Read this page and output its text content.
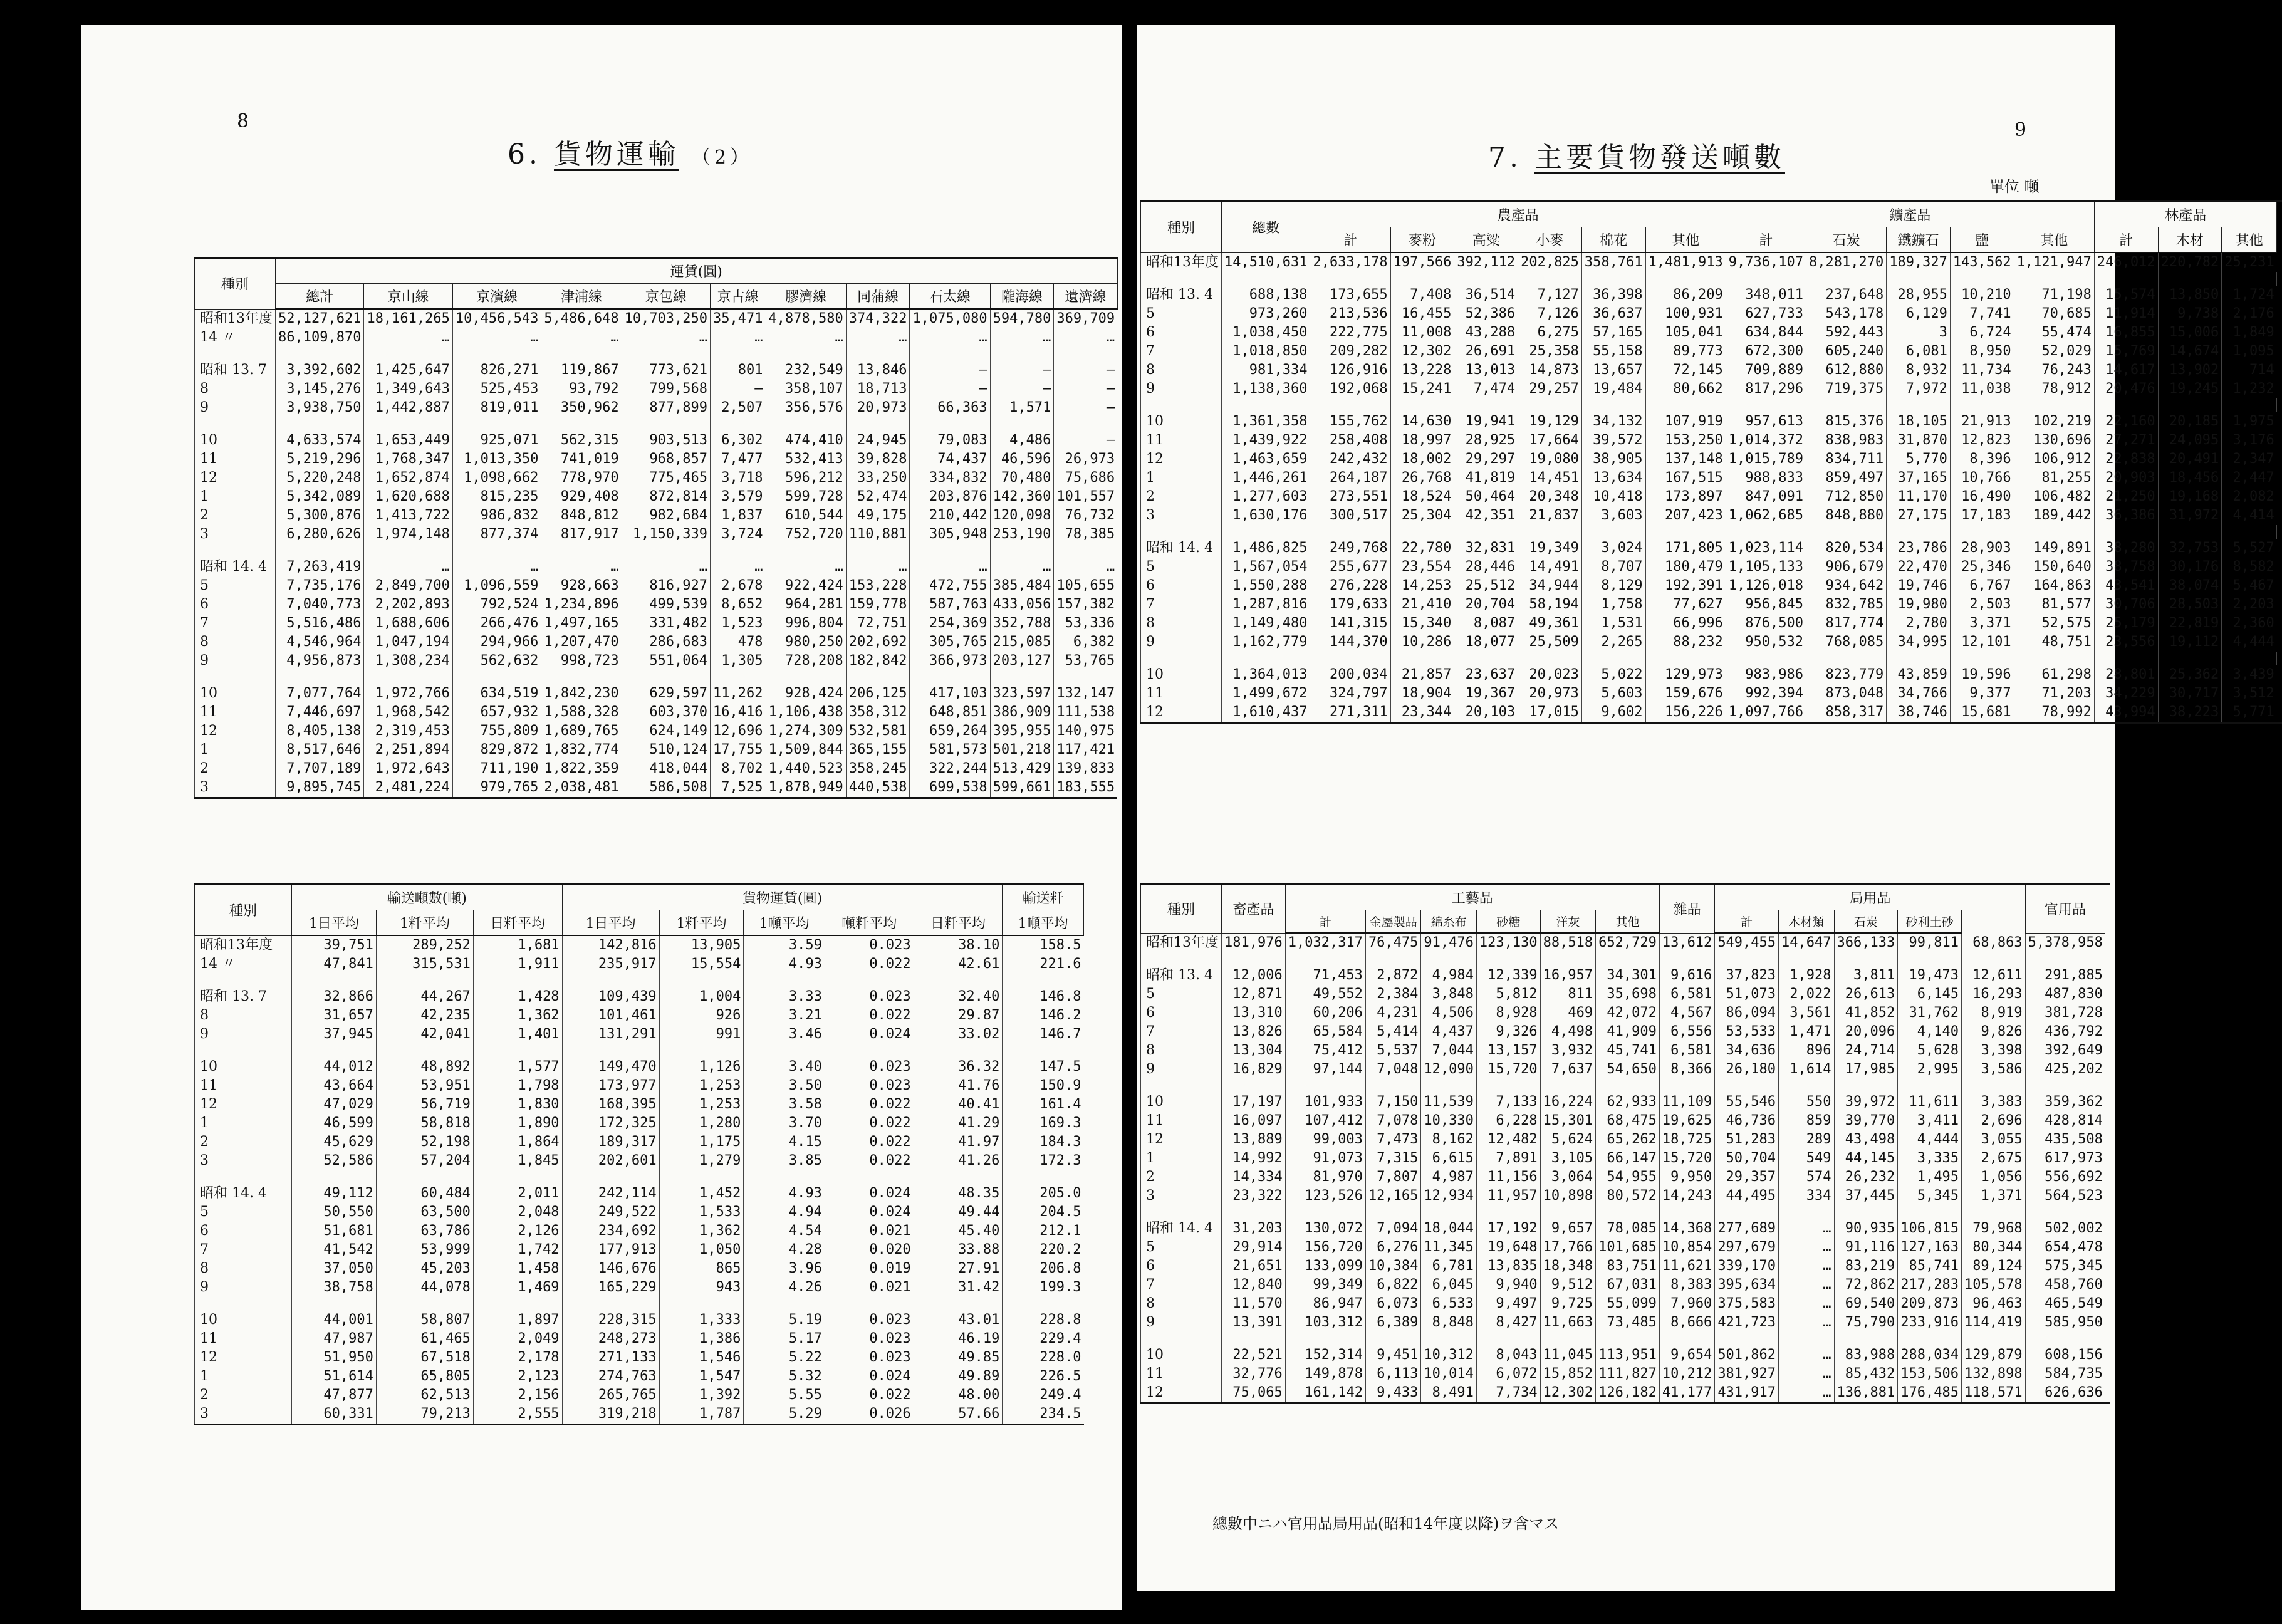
8
6. 貨物運輸 （2）
種別	運賃(圓)										
	總計	京山線	京濱線	津浦線	京包線	京古線	膠濟線	同蒲線	石太線	隴海線	遺濟線
昭和13年度	52,127,621	18,161,265	10,456,543	5,486,648	10,703,250	35,471	4,878,580	374,322	1,075,080	594,780	369,709
14 〃	86,109,870	…	…	…	…	…	…	…	…	…	…

昭和 13. 7	3,392,602	1,425,647	826,271	119,867	773,621	801	232,549	13,846	—	—	—
8	3,145,276	1,349,643	525,453	93,792	799,568	—	358,107	18,713	—	—	—
9	3,938,750	1,442,887	819,011	350,962	877,899	2,507	356,576	20,973	66,363	1,571	—

10	4,633,574	1,653,449	925,071	562,315	903,513	6,302	474,410	24,945	79,083	4,486	—
11	5,219,296	1,768,347	1,013,350	741,019	968,857	7,477	532,413	39,828	74,437	46,596	26,973
12	5,220,248	1,652,874	1,098,662	778,970	775,465	3,718	596,212	33,250	334,832	70,480	75,686
1	5,342,089	1,620,688	815,235	929,408	872,814	3,579	599,728	52,474	203,876	142,360	101,557
2	5,300,876	1,413,722	986,832	848,812	982,684	1,837	610,544	49,175	210,442	120,098	76,732
3	6,280,626	1,974,148	877,374	817,917	1,150,339	3,724	752,720	110,881	305,948	253,190	78,385

昭和 14. 4	7,263,419	…	…	…	…	…	…	…	…	…	…
5	7,735,176	2,849,700	1,096,559	928,663	816,927	2,678	922,424	153,228	472,755	385,484	105,655
6	7,040,773	2,202,893	792,524	1,234,896	499,539	8,652	964,281	159,778	587,763	433,056	157,382
7	5,516,486	1,688,606	266,476	1,497,165	331,482	1,523	996,804	72,751	254,369	352,788	53,336
8	4,546,964	1,047,194	294,966	1,207,470	286,683	478	980,250	202,692	305,765	215,085	6,382
9	4,956,873	1,308,234	562,632	998,723	551,064	1,305	728,208	182,842	366,973	203,127	53,765

10	7,077,764	1,972,766	634,519	1,842,230	629,597	11,262	928,424	206,125	417,103	323,597	132,147
11	7,446,697	1,968,542	657,932	1,588,328	603,370	16,416	1,106,438	358,312	648,851	386,909	111,538
12	8,405,138	2,319,453	755,809	1,689,765	624,149	12,696	1,274,309	532,581	659,264	395,955	140,975
1	8,517,646	2,251,894	829,872	1,832,774	510,124	17,755	1,509,844	365,155	581,573	501,218	117,421
2	7,707,189	1,972,643	711,190	1,822,359	418,044	8,702	1,440,523	358,245	322,244	513,429	139,833
3	9,895,745	2,481,224	979,765	2,038,481	586,508	7,525	1,878,949	440,538	699,538	599,661	183,555
種別	輸送噸數(噸)			貨物運賃(圓)					輸送粁
	1日平均	1粁平均	日粁平均	1日平均	1粁平均	1噸平均	噸粁平均	日粁平均	1噸平均
昭和13年度	39,751	289,252	1,681	142,816	13,905	3.59	0.023	38.10	158.5
14 〃	47,841	315,531	1,911	235,917	15,554	4.93	0.022	42.61	221.6

昭和 13. 7	32,866	44,267	1,428	109,439	1,004	3.33	0.023	32.40	146.8
8	31,657	42,235	1,362	101,461	926	3.21	0.022	29.87	146.2
9	37,945	42,041	1,401	131,291	991	3.46	0.024	33.02	146.7

10	44,012	48,892	1,577	149,470	1,126	3.40	0.023	36.32	147.5
11	43,664	53,951	1,798	173,977	1,253	3.50	0.023	41.76	150.9
12	47,029	56,719	1,830	168,395	1,253	3.58	0.022	40.41	161.4
1	46,599	58,818	1,890	172,325	1,280	3.70	0.022	41.29	169.3
2	45,629	52,198	1,864	189,317	1,175	4.15	0.022	41.97	184.3
3	52,586	57,204	1,845	202,601	1,279	3.85	0.022	41.26	172.3

昭和 14. 4	49,112	60,484	2,011	242,114	1,452	4.93	0.024	48.35	205.0
5	50,550	63,500	2,048	249,522	1,533	4.94	0.024	49.44	204.5
6	51,681	63,786	2,126	234,692	1,362	4.54	0.021	45.40	212.1
7	41,542	53,999	1,742	177,913	1,050	4.28	0.020	33.88	220.2
8	37,050	45,203	1,458	146,676	865	3.96	0.019	27.91	206.8
9	38,758	44,078	1,469	165,229	943	4.26	0.021	31.42	199.3

10	44,001	58,807	1,897	228,315	1,333	5.19	0.023	43.01	228.8
11	47,987	61,465	2,049	248,273	1,386	5.17	0.023	46.19	229.4
12	51,950	67,518	2,178	271,133	1,546	5.22	0.023	49.85	228.0
1	51,614	65,805	2,123	274,763	1,547	5.32	0.024	49.89	226.5
2	47,877	62,513	2,156	265,765	1,392	5.55	0.022	48.00	249.4
3	60,331	79,213	2,555	319,218	1,787	5.29	0.026	57.66	234.5
9
7. 主要貨物發送噸數
單位 噸
種別	總數	農產品						鑛產品					林產品			
		計	麥粉	高粱	小麥	棉花	其他	計	石炭	鐵鑛石	鹽	其他	計	木材	其他	
昭和13年度	14,510,631	2,633,178	197,566	392,112	202,825	358,761	1,481,913	9,736,107	8,281,270	189,327	143,562	1,121,947	246,012	220,782	25,231	

昭和 13. 4	688,138	173,655	7,408	36,514	7,127	36,398	86,209	348,011	237,648	28,955	10,210	71,198	15,574	13,850	1,724	
5	973,260	213,536	16,455	52,386	7,126	36,637	100,931	627,733	543,178	6,129	7,741	70,685	11,914	9,738	2,176	
6	1,038,450	222,775	11,008	43,288	6,275	57,165	105,041	634,844	592,443	3	6,724	55,474	16,855	15,006	1,849	
7	1,018,850	209,282	12,302	26,691	25,358	55,158	89,773	672,300	605,240	6,081	8,950	52,029	15,769	14,674	1,095	
8	981,334	126,916	13,228	13,013	14,873	13,657	72,145	709,889	612,880	8,932	11,734	76,243	14,617	13,902	714	
9	1,138,360	192,068	15,241	7,474	29,257	19,484	80,662	817,296	719,375	7,972	11,038	78,912	20,476	19,245	1,232	

10	1,361,358	155,762	14,630	19,941	19,129	34,132	107,919	957,613	815,376	18,105	21,913	102,219	22,160	20,185	1,975	
11	1,439,922	258,408	18,997	28,925	17,664	39,572	153,250	1,014,372	838,983	31,870	12,823	130,696	27,271	24,095	3,176	
12	1,463,659	242,432	18,002	29,297	19,080	38,905	137,148	1,015,789	834,711	5,770	8,396	106,912	22,838	20,491	2,347	
1	1,446,261	264,187	26,768	41,819	14,451	13,634	167,515	988,833	859,497	37,165	10,766	81,255	20,903	18,456	2,447	
2	1,277,603	273,551	18,524	50,464	20,348	10,418	173,897	847,091	712,850	11,170	16,490	106,482	21,250	19,168	2,082	
3	1,630,176	300,517	25,304	42,351	21,837	3,603	207,423	1,062,685	848,880	27,175	17,183	189,442	36,386	31,972	4,414	

昭和 14. 4	1,486,825	249,768	22,780	32,831	19,349	3,024	171,805	1,023,114	820,534	23,786	28,903	149,891	38,280	32,753	5,527	
5	1,567,054	255,677	23,554	28,446	14,491	8,707	180,479	1,105,133	906,679	22,470	25,346	150,640	38,758	30,176	8,582	
6	1,550,288	276,228	14,253	25,512	34,944	8,129	192,391	1,126,018	934,642	19,746	6,767	164,863	43,541	38,074	5,467	
7	1,287,816	179,633	21,410	20,704	58,194	1,758	77,627	956,845	832,785	19,980	2,503	81,577	30,706	28,503	2,203	
8	1,149,480	141,315	15,340	8,087	49,361	1,531	66,996	876,500	817,774	2,780	3,371	52,575	25,179	22,819	2,360	
9	1,162,779	144,370	10,286	18,077	25,509	2,265	88,232	950,532	768,085	34,995	12,101	48,751	23,556	19,112	4,444	

10	1,364,013	200,034	21,857	23,637	20,023	5,022	129,973	983,986	823,779	43,859	19,596	61,298	28,801	25,362	3,439	
11	1,499,672	324,797	18,904	19,367	20,973	5,603	159,676	992,394	873,048	34,766	9,377	71,203	34,229	30,717	3,512	
12	1,610,437	271,311	23,344	20,103	17,015	9,602	156,226	1,097,766	858,317	38,746	15,681	78,992	43,994	38,223	5,771	
種別	畜產品	工藝品						雜品	局用品					官用品	
		計	金屬製品	綿糸布	砂糖	洋灰	其他		計	木材類	石炭	砂利土砂			
昭和13年度	181,976	1,032,317	76,475	91,476	123,130	88,518	652,729	13,612	549,455	14,647	366,133	99,811	68,863	5,378,958	

昭和 13. 4	12,006	71,453	2,872	4,984	12,339	16,957	34,301	9,616	37,823	1,928	3,811	19,473	12,611	291,885	
5	12,871	49,552	2,384	3,848	5,812	811	35,698	6,581	51,073	2,022	26,613	6,145	16,293	487,830	
6	13,310	60,206	4,231	4,506	8,928	469	42,072	4,567	86,094	3,561	41,852	31,762	8,919	381,728	
7	13,826	65,584	5,414	4,437	9,326	4,498	41,909	6,556	53,533	1,471	20,096	4,140	9,826	436,792	
8	13,304	75,412	5,537	7,044	13,157	3,932	45,741	6,581	34,636	896	24,714	5,628	3,398	392,649	
9	16,829	97,144	7,048	12,090	15,720	7,637	54,650	8,366	26,180	1,614	17,985	2,995	3,586	425,202	

10	17,197	101,933	7,150	11,539	7,133	16,224	62,933	11,109	55,546	550	39,972	11,611	3,383	359,362	
11	16,097	107,412	7,078	10,330	6,228	15,301	68,475	19,625	46,736	859	39,770	3,411	2,696	428,814	
12	13,889	99,003	7,473	8,162	12,482	5,624	65,262	18,725	51,283	289	43,498	4,444	3,055	435,508	
1	14,992	91,073	7,315	6,615	7,891	3,105	66,147	15,720	50,704	549	44,145	3,335	2,675	617,973	
2	14,334	81,970	7,807	4,987	11,156	3,064	54,955	9,950	29,357	574	26,232	1,495	1,056	556,692	
3	23,322	123,526	12,165	12,934	11,957	10,898	80,572	14,243	44,495	334	37,445	5,345	1,371	564,523	

昭和 14. 4	31,203	130,072	7,094	18,044	17,192	9,657	78,085	14,368	277,689	…	90,935	106,815	79,968	502,002	
5	29,914	156,720	6,276	11,345	19,648	17,766	101,685	10,854	297,679	…	91,116	127,163	80,344	654,478	
6	21,651	133,099	10,384	6,781	13,835	18,348	83,751	11,621	339,170	…	83,219	85,741	89,124	575,345	
7	12,840	99,349	6,822	6,045	9,940	9,512	67,031	8,383	395,634	…	72,862	217,283	105,578	458,760	
8	11,570	86,947	6,073	6,533	9,497	9,725	55,099	7,960	375,583	…	69,540	209,873	96,463	465,549	
9	13,391	103,312	6,389	8,848	8,427	11,663	73,485	8,666	421,723	…	75,790	233,916	114,419	585,950	

10	22,521	152,314	9,451	10,312	8,043	11,045	113,951	9,654	501,862	…	83,988	288,034	129,879	608,156	
11	32,776	149,878	6,113	10,014	6,072	15,852	111,827	10,212	381,927	…	85,432	153,506	132,898	584,735	
12	75,065	161,142	9,433	8,491	7,734	12,302	126,182	41,177	431,917	…	136,881	176,485	118,571	626,636	
總數中ニハ官用品局用品(昭和14年度以降)ヲ含マス
